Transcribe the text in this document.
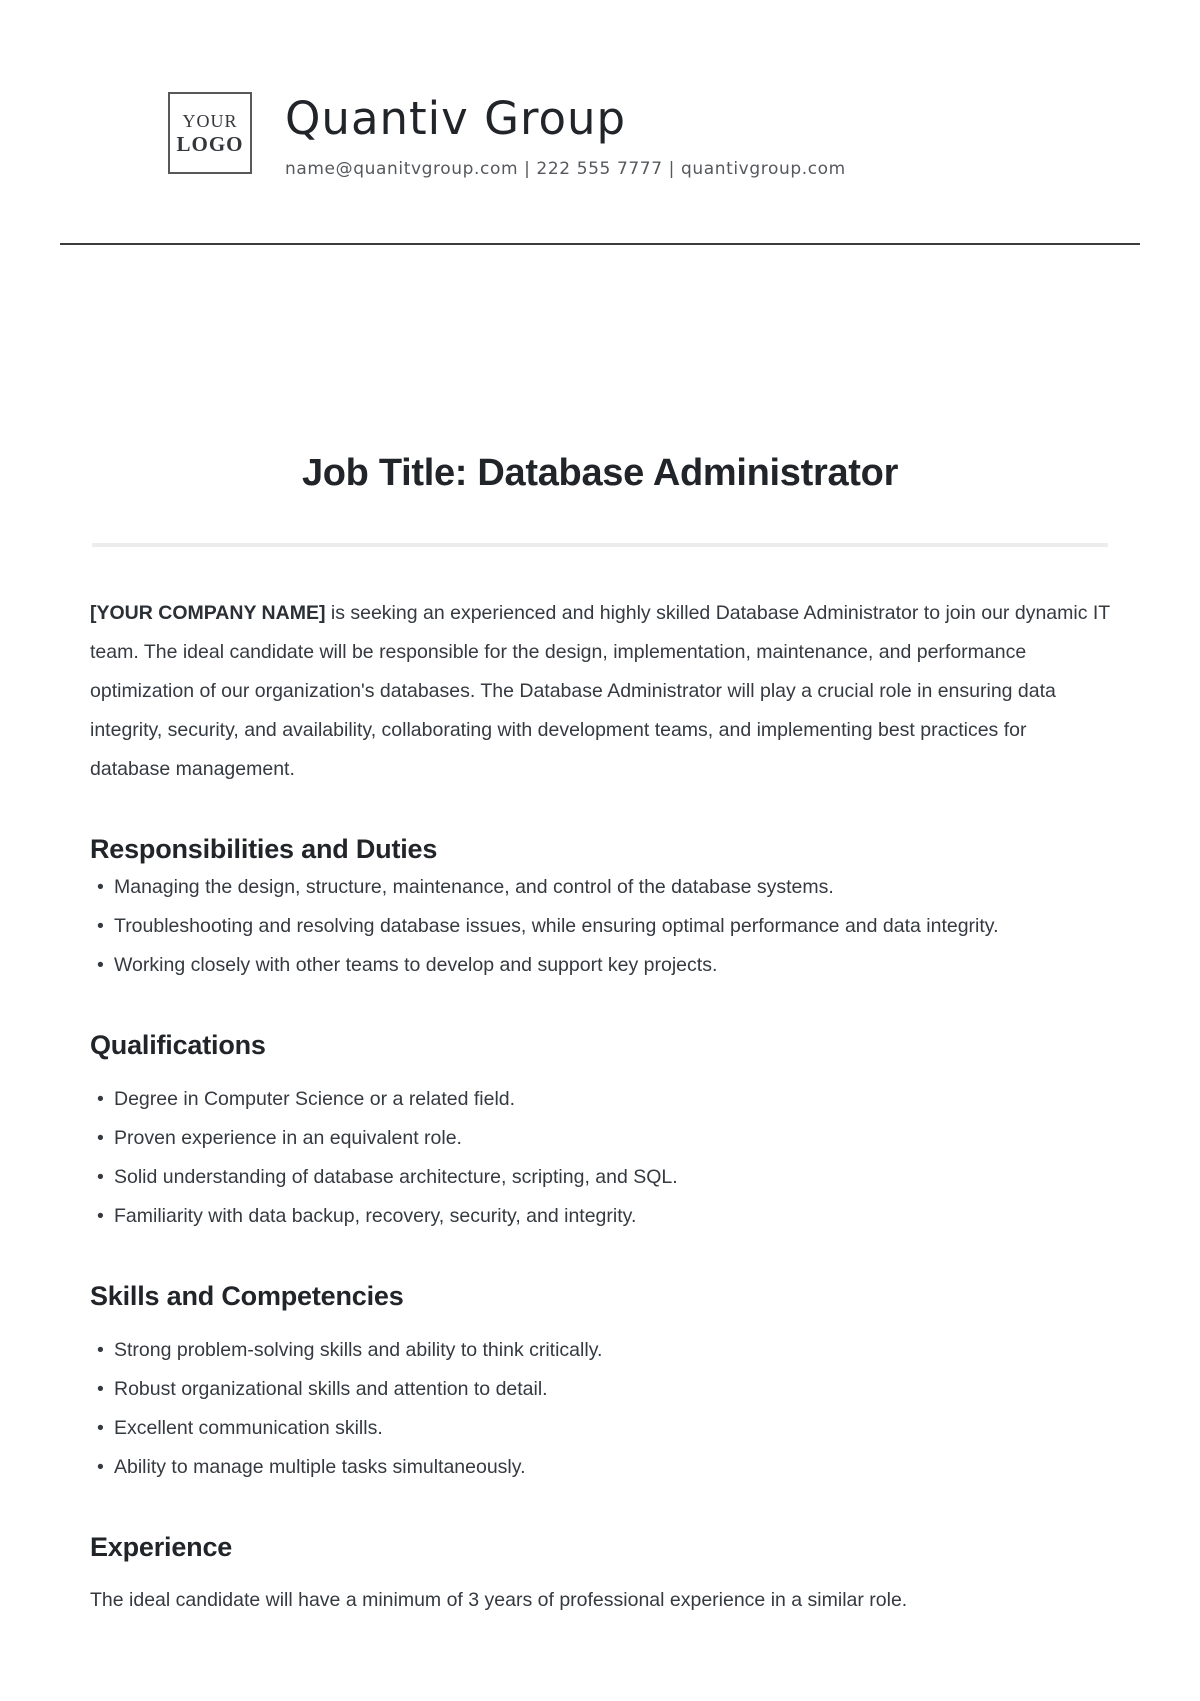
YOUR
LOGO Quantiv Group
name@quanitvgroup.com | 222 555 7777 | quantivgroup.com
Job Title: Database Administrator

[YOUR COMPANY NAME] is seeking an experienced and highly skilled Database Administrator to join our dynamic IT team. The ideal candidate will be responsible for the design, implementation, maintenance, and performance optimization of our organization's databases. The Database Administrator will play a crucial role in ensuring data integrity, security, and availability, collaborating with development teams, and implementing best practices for database management.

Responsibilities and Duties
• Managing the design, structure, maintenance, and control of the database systems.
• Troubleshooting and resolving database issues, while ensuring optimal performance and data integrity.
• Working closely with other teams to develop and support key projects.
Qualifications
• Degree in Computer Science or a related field.
• Proven experience in an equivalent role.
• Solid understanding of database architecture, scripting, and SQL.
• Familiarity with data backup, recovery, security, and integrity.
Skills and Competencies
• Strong problem-solving skills and ability to think critically.
• Robust organizational skills and attention to detail.
• Excellent communication skills.
• Ability to manage multiple tasks simultaneously.
Experience

The ideal candidate will have a minimum of 3 years of professional experience in a similar role.
